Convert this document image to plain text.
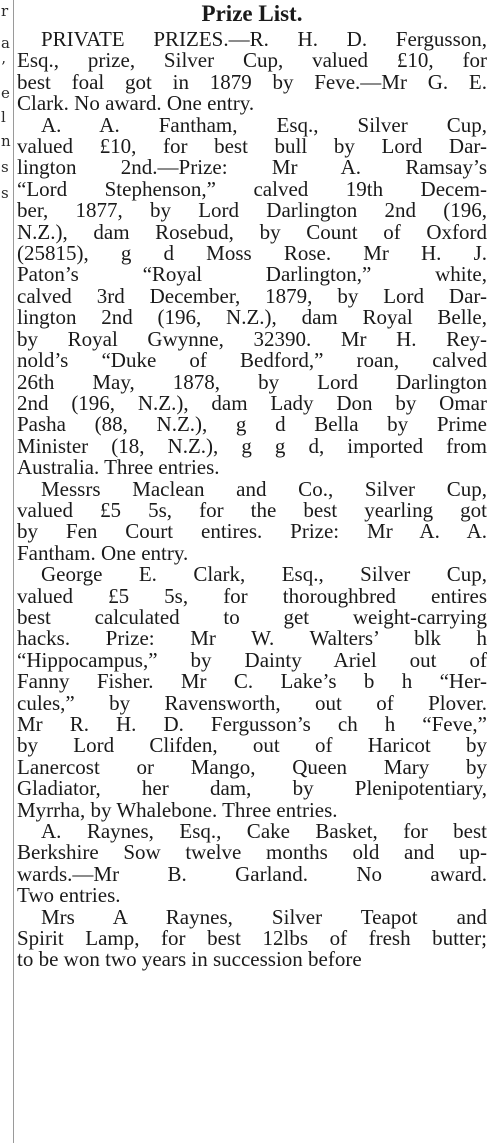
r
a
’
e
l
n
s
s
Prize List.
PRIVATE PRIZES.—R. H. D. Fergusson,
Esq., prize, Silver Cup, valued £10, for
best foal got in 1879 by Feve.—Mr G. E.
Clark. No award. One entry.
A. A. Fantham, Esq., Silver Cup,
valued £10, for best bull by Lord Dar-
lington 2nd.—Prize: Mr A. Ramsay’s
“Lord Stephenson,” calved 19th Decem-
ber, 1877, by Lord Darlington 2nd (196,
N.Z.), dam Rosebud, by Count of Oxford
(25815), g d Moss Rose. Mr H. J.
Paton’s “Royal Darlington,” white,
calved 3rd December, 1879, by Lord Dar-
lington 2nd (196, N.Z.), dam Royal Belle,
by Royal Gwynne, 32390. Mr H. Rey-
nold’s “Duke of Bedford,” roan, calved
26th May, 1878, by Lord Darlington
2nd (196, N.Z.), dam Lady Don by Omar
Pasha (88, N.Z.), g d Bella by Prime
Minister (18, N.Z.), g g d, imported from
Australia. Three entries.
Messrs Maclean and Co., Silver Cup,
valued £5 5s, for the best yearling got
by Fen Court entires. Prize: Mr A. A.
Fantham. One entry.
George E. Clark, Esq., Silver Cup,
valued £5 5s, for thoroughbred entires
best calculated to get weight-carrying
hacks. Prize: Mr W. Walters’ blk h
“Hippocampus,” by Dainty Ariel out of
Fanny Fisher. Mr C. Lake’s b h “Her-
cules,” by Ravensworth, out of Plover.
Mr R. H. D. Fergusson’s ch h “Feve,”
by Lord Clifden, out of Haricot by
Lanercost or Mango, Queen Mary by
Gladiator, her dam, by Plenipotentiary,
Myrrha, by Whalebone. Three entries.
A. Raynes, Esq., Cake Basket, for best
Berkshire Sow twelve months old and up-
wards.—Mr B. Garland. No award.
Two entries.
Mrs A Raynes, Silver Teapot and
Spirit Lamp, for best 12lbs of fresh butter;
to be won two years in succession before
